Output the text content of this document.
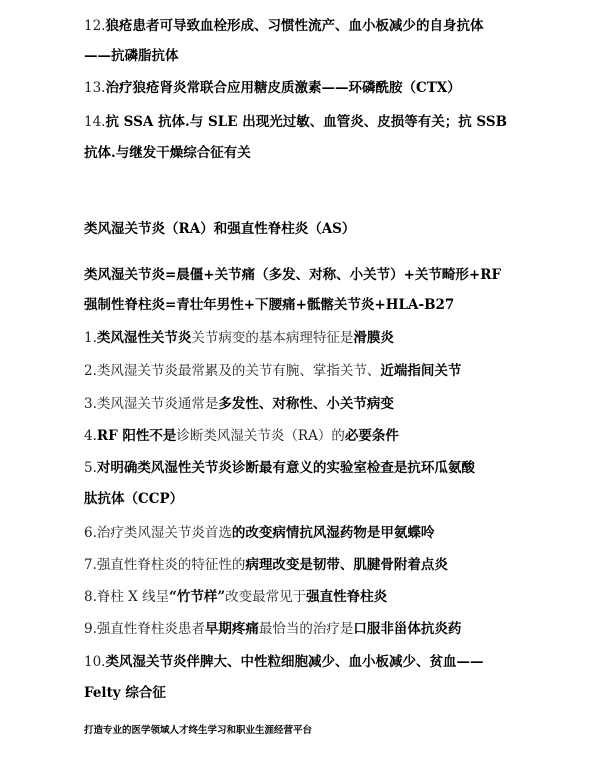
12.狼疮患者可导致血栓形成、习惯性流产、血小板减少的自身抗体
——抗磷脂抗体
13.治疗狼疮肾炎常联合应用糖皮质激素——环磷酰胺（CTX）
14.抗 SSA 抗体.与 SLE 出现光过敏、血管炎、皮损等有关；抗 SSB
抗体.与继发干燥综合征有关
类风湿关节炎（RA）和强直性脊柱炎（AS）
类风湿关节炎=晨僵+关节痛（多发、对称、小关节）+关节畸形+RF
强制性脊柱炎=青壮年男性+下腰痛+骶髂关节炎+HLA-B27
1.类风湿性关节炎关节病变的基本病理特征是滑膜炎
2.类风湿关节炎最常累及的关节有腕、掌指关节、近端指间关节
3.类风湿关节炎通常是多发性、对称性、小关节病变
4.RF 阳性不是诊断类风湿关节炎（RA）的必要条件
5.对明确类风湿性关节炎诊断最有意义的实验室检查是抗环瓜氨酸
肽抗体（CCP）
6.治疗类风湿关节炎首选的改变病情抗风湿药物是甲氨蝶呤
7.强直性脊柱炎的特征性的病理改变是韧带、肌腱骨附着点炎
8.脊柱 X 线呈“竹节样”改变最常见于强直性脊柱炎
9.强直性脊柱炎患者早期疼痛最恰当的治疗是口服非甾体抗炎药
10.类风湿关节炎伴脾大、中性粒细胞减少、血小板减少、贫血——
Felty 综合征
打造专业的医学领域人才终生学习和职业生涯经营平台
